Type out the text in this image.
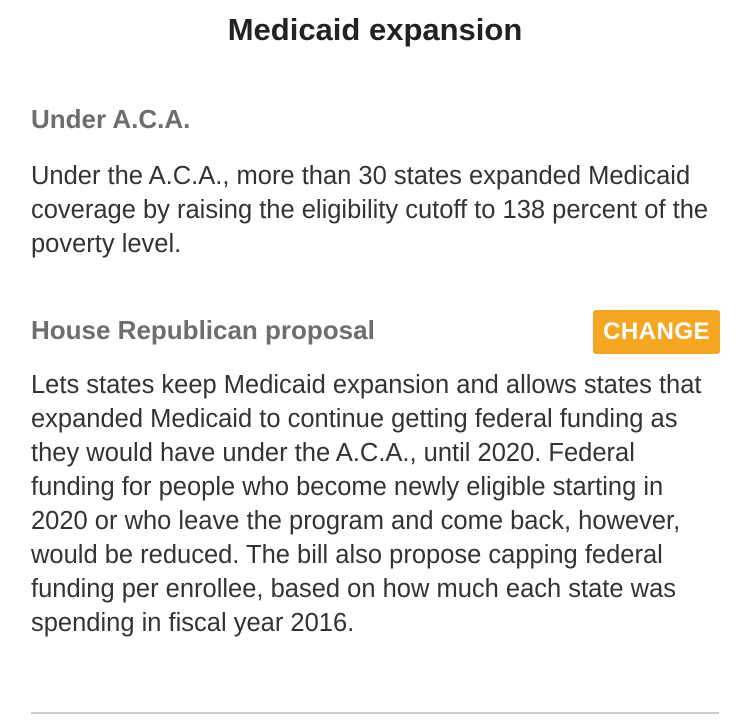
Medicaid expansion
Under A.C.A.

Under the A.C.A., more than 30 states expanded Medicaid coverage by raising the eligibility cutoff to 138 percent of the poverty level.

House Republican proposal	CHANGE

Lets states keep Medicaid expansion and allows states that expanded Medicaid to continue getting federal funding as they would have under the A.C.A., until 2020. Federal funding for people who become newly eligible starting in 2020 or who leave the program and come back, however, would be reduced. The bill also propose capping federal funding per enrollee, based on how much each state was spending in fiscal year 2016.
